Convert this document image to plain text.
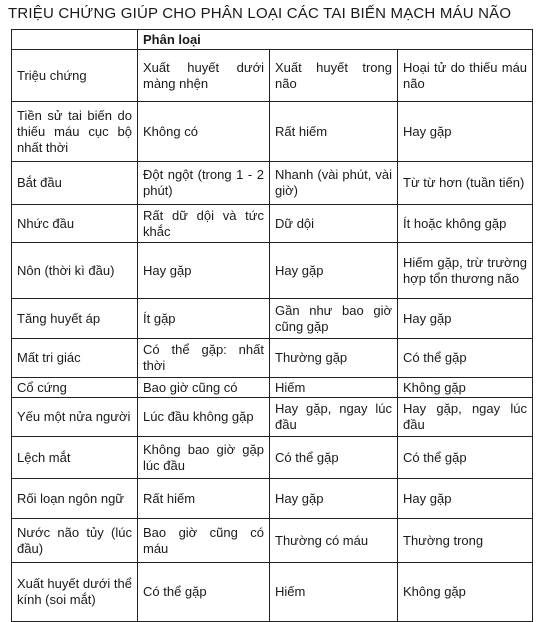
TRIỆU CHỨNG GIÚP CHO PHÂN LOẠI CÁC TAI BIẾN MẠCH MÁU NÃO
	Phân loại		
Triệu chứng	Xuất huyết dưới màng nhện	Xuất huyết trong não	Hoại tử do thiếu máu não
Tiền sử tai biến do thiếu máu cục bộ nhất thời	Không có	Rất hiếm	Hay gặp
Bắt đầu	Đột ngột (trong 1 - 2 phút)	Nhanh (vài phút, vài giờ)	Từ từ hơn (tuần tiến)
Nhức đầu	Rất dữ dội và tức khắc	Dữ dội	Ít hoặc không gặp
Nôn (thời kì đầu)	Hay gặp	Hay gặp	Hiếm gặp, trừ trường hợp tổn thương não
Tăng huyết áp	Ít gặp	Gần như bao giờ cũng gặp	Hay gặp
Mất tri giác	Có thể gặp: nhất thời	Thường gặp	Có thể gặp
Cổ cứng	Bao giờ cũng có	Hiếm	Không gặp
Yếu một nửa người	Lúc đầu không gặp	Hay gặp, ngay lúc đầu	Hay gặp, ngay lúc đầu
Lệch mắt	Không bao giờ gặp lúc đầu	Có thể gặp	Có thể gặp
Rối loạn ngôn ngữ	Rất hiếm	Hay gặp	Hay gặp
Nước não tủy (lúc đầu)	Bao giờ cũng có máu	Thường có máu	Thường trong
Xuất huyết dưới thể kính (soi mắt)	Có thể gặp	Hiếm	Không gặp
